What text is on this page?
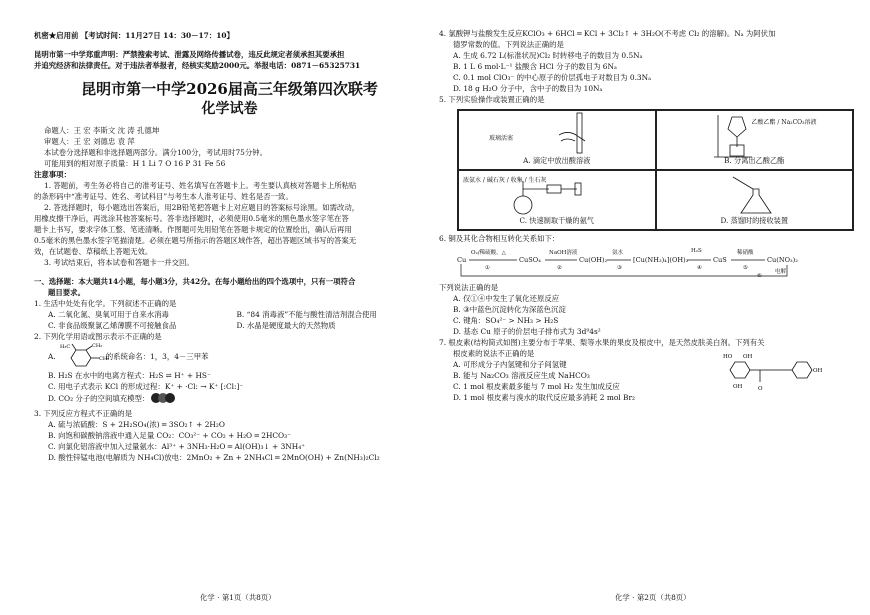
机密★启用前 【考试时间：11月27日 14：30－17：10】

昆明市第一中学郑重声明：严禁搜索考试、泄露及网络传播试卷，违反此规定者须承担其要承担

并追究经济和法律责任。对于违法者举报者，经核实奖励2000元。举报电话：0871－65325731

昆明市第一中学2026届高三年级第四次联考
化学试卷

命题人：王 宏 李斯文 沈 涛 孔德坤

审题人：王 宏 刘德忠 袁 萍

本试卷分选择题和非选择题两部分。满分100分，考试用时75分钟。

可能用到的相对原子质量：H 1 Li 7 O 16 P 31 Fe 56

注意事项：

1. 答题前，考生务必将自己的准考证号、姓名填写在答题卡上。考生要认真核对答题卡上所粘贴

的条形码中“准考证号、姓名、考试科目”与考生本人准考证号、姓名是否一致。

2. 答选择题时，每小题选出答案后，用2B铅笔把答题卡上对应题目的答案标号涂黑。如需改动，

用橡皮擦干净后，再选涂其他答案标号。答非选择题时，必须使用0.5毫米的黑色墨水签字笔在答

题卡上书写，要求字体工整、笔迹清晰。作图题可先用铅笔在答题卡规定的位置绘出，确认后再用

0.5毫米的黑色墨水签字笔描清楚。必须在题号所指示的答题区域作答，超出答题区域书写的答案无

效，在试题卷、草稿纸上答题无效。

3. 考试结束后，将本试卷和答题卡一并交回。

一、选择题：本大题共14小题，每小题3分，共42分。在每小题给出的四个选项中，只有一项符合

题目要求。

1. 生活中处处有化学。下列叙述不正确的是

A. 二氧化氮、臭氧可用于自来水消毒	B. “84 消毒液”不能与酸性清洁剂混合使用
C. 非食品级聚氯乙烯薄膜不可接触食品	D. 水晶是硬度最大的天然物质

2. 下列化学用语或图示表示不正确的是

A.
H₃C	CH₃
CH₃
的系统命名：1，3，4－三甲苯

B. H₂S 在水中的电离方程式：H₂S ⇌ H⁺ + HS⁻

C. 用电子式表示 KCl 的形成过程：K⁺ + ·Cl: → K⁺ [:Cl:]⁻

D. CO₂ 分子的空间填充模型：

3. 下列反应方程式不正确的是

A. 硫与浓硫酸：S + 2H₂SO₄(浓) ═ 3SO₂↑ + 2H₂O

B. 向饱和碳酸钠溶液中通入足量 CO₂：CO₃²⁻ + CO₂ + H₂O ═ 2HCO₃⁻

C. 向氯化铝溶液中加入过量氨水：Al³⁺ + 3NH₃·H₂O ═ Al(OH)₃↓ + 3NH₄⁺

D. 酸性锌锰电池(电解质为 NH₄Cl)放电：2MnO₂ + Zn + 2NH₄Cl ═ 2MnO(OH) + Zn(NH₃)₂Cl₂

化学 · 第1页（共8页）

4. 氯酸钾与盐酸发生反应KClO₃ + 6HCl ═ KCl + 3Cl₂↑ + 3H₂O(不考虑 Cl₂ 的溶解)。Nₐ 为阿伏加

德罗常数的值。下列说法正确的是

A. 生成 6.72 L(标准状况)Cl₂ 时转移电子的数目为 0.5Nₐ

B. 1 L 6 mol·L⁻¹ 盐酸含 HCl 分子的数目为 6Nₐ

C. 0.1 mol ClO₃⁻ 的中心原子的价层孤电子对数目为 0.3Nₐ

D. 18 g H₂O 分子中，含中子的数目为 10Nₐ

5. 下列实验操作或装置正确的是

玻璃活塞
A. 滴定中放出酸溶液
乙酸乙酯 / Na₂CO₃溶液
B. 分离出乙酸乙酯
浓氨水 / 碱石灰 / 收集 / 生石灰
C. 快速制取干燥的氨气	D. 蒸馏时的接收装置

6. 铜及其化合物相互转化关系如下：

Cu
O₂/稀硫酸，△
CuSO₄
NaOH溶液
Cu(OH)₂
氨水
[Cu(NH₃)₄](OH)₂
H₂S
CuS
稀硝酸
Cu(NO₃)₂
电解
①	②	③	④	⑤
⑥

下列说法正确的是

A. 仅①④中发生了氧化还原反应

B. ③中蓝色沉淀转化为深蓝色沉淀

C. 键角：SO₄²⁻ > NH₃ > H₂S

D. 基态 Cu 原子的价层电子排布式为 3d⁹4s²

7. 根皮素(结构简式如图)主要分布于苹果、梨等水果的果皮及根皮中，是天然皮肤美白剂。下列有关

根皮素的说法不正确的是

A. 可形成分子内氢键和分子间氢键

B. 能与 Na₂CO₃ 溶液反应生成 NaHCO₃

C. 1 mol 根皮素最多能与 7 mol H₂ 发生加成反应

D. 1 mol 根皮素与溴水的取代反应最多消耗 2 mol Br₂

HO OH
OH
OH
O
化学 · 第2页（共8页）
